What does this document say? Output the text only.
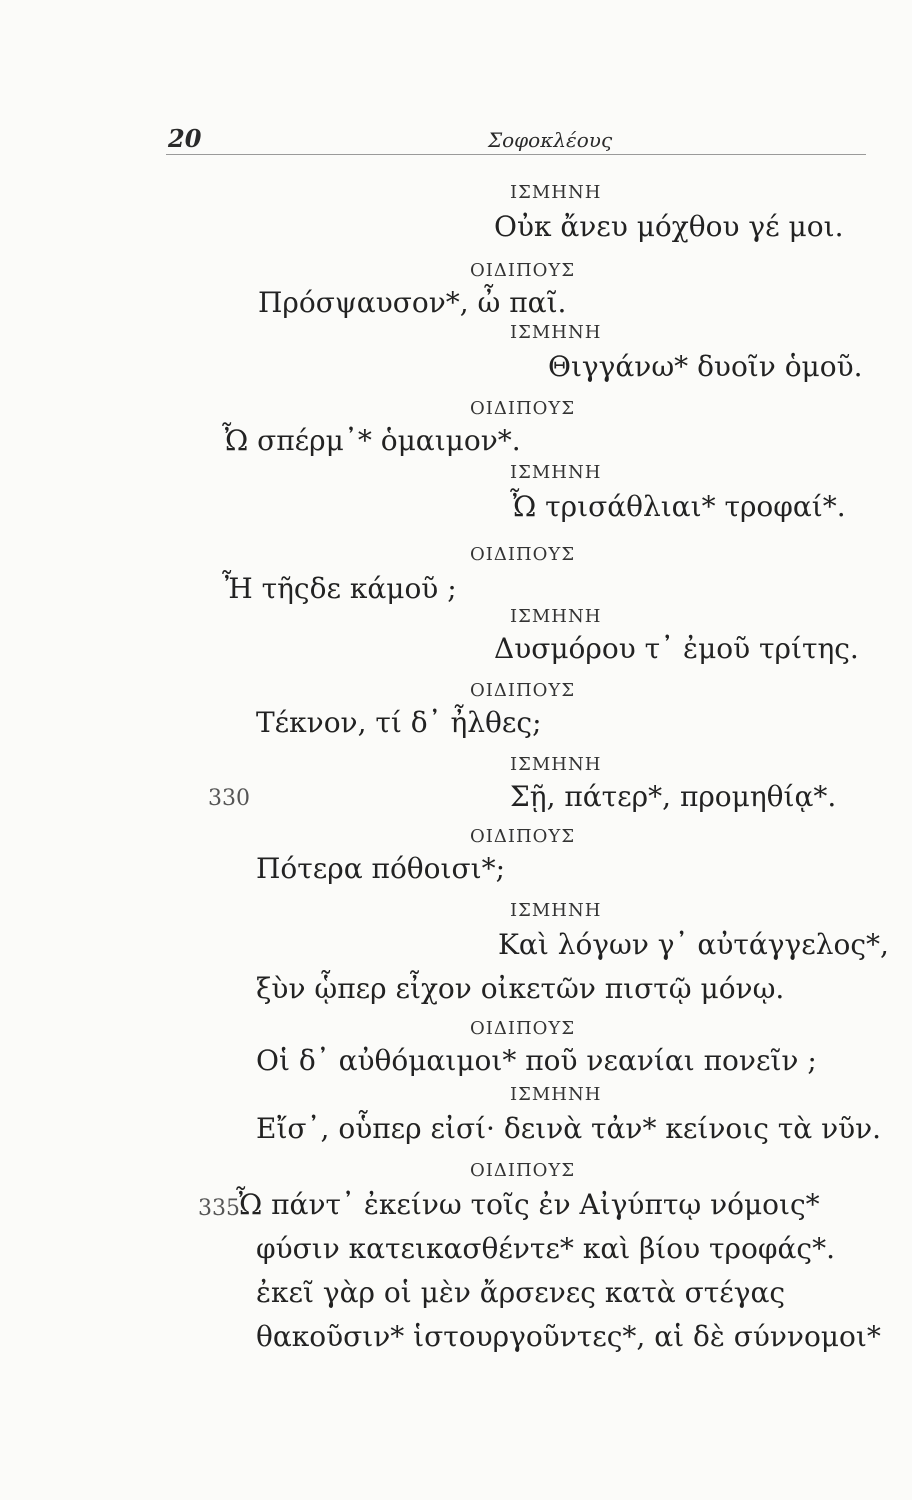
20	Σοφοκλέους
ΙΣΜΗΝΗ
Οὐκ ἄνευ μόχθου γέ μοι.
ΟΙΔΙΠΟΥΣ
Πρόσψαυσον*, ὦ παῖ.
ΙΣΜΗΝΗ
Θιγγάνω* δυοῖν ὁμοῦ.
ΟΙΔΙΠΟΥΣ
Ὦ σπέρμ᾿* ὁμαιμον*.
ΙΣΜΗΝΗ
Ὦ τρισάθλιαι* τροφαί*.
ΟΙΔΙΠΟΥΣ
Ἦ τῆςδε κάμοῦ ;
ΙΣΜΗΝΗ
Δυσμόρου τ᾿ ἐμοῦ τρίτης.
ΟΙΔΙΠΟΥΣ
Τέκνον, τί δ᾿ ἦλθες;
ΙΣΜΗΝΗ
330	Σῇ, πάτερ*, προμηθίᾳ*.
ΟΙΔΙΠΟΥΣ
Πότερα πόθοισι*;
ΙΣΜΗΝΗ
Καὶ λόγων γ᾿ αὐτάγγελος*,
ξὺν ᾧπερ εἶχον οἰκετῶν πιστῷ μόνῳ.
ΟΙΔΙΠΟΥΣ
Οἱ δ᾿ αὐθόμαιμοι* ποῦ νεανίαι πονεῖν ;
ΙΣΜΗΝΗ
Εἴσ᾿, οὗπερ εἰσί· δεινὰ τἀν* κείνοις τὰ νῦν.
ΟΙΔΙΠΟΥΣ
335
Ὦ πάντ᾿ ἐκείνω τοῖς ἐν Αἰγύπτῳ νόμοις*
φύσιν κατεικασθέντε* καὶ βίου τροφάς*.
ἐκεῖ γὰρ οἱ μὲν ἄρσενες κατὰ στέγας
θακοῦσιν* ἱστουργοῦντες*, αἱ δὲ σύννομοι*
